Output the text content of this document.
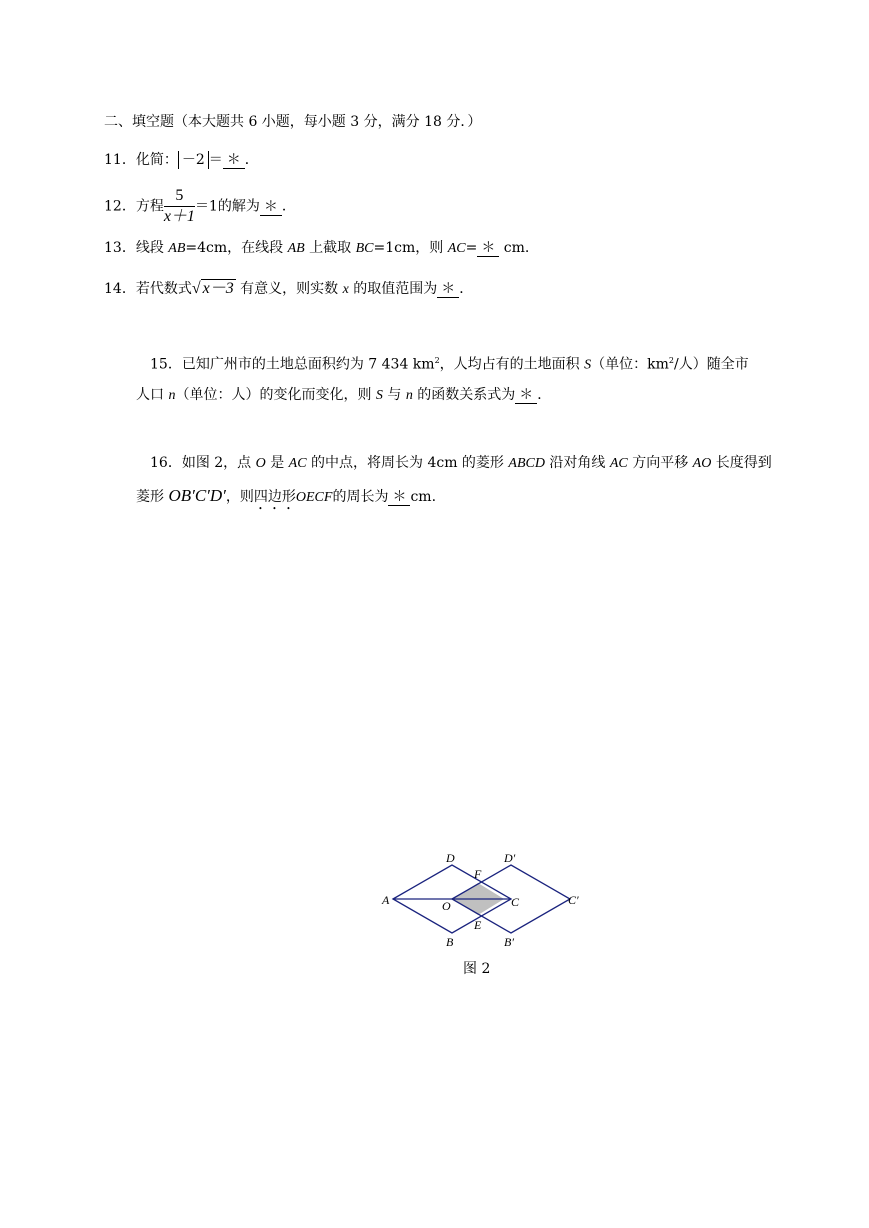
二、填空题（本大题共 6 小题，每小题 3 分，满分 18 分．）
11．化简： －2 ＝ ＊ ．
12．方程 $\frac{5}{x+1} =1$的解为 ＊ ．
13．线段 AB=4cm，在线段 AB 上截取 BC=1cm，则 AC= ＊ cm.
14．若代数式√ x－3 有意义，则实数 x 的取值范围为 ＊ ．
15．已知广州市的土地总面积约为 7 434 $km^2$，人均占有的土地面积 S（单位：$km^2/$人）随全市
人口 n（单位：人）的变化而变化，则 S 与 n 的函数关系式为 ＊ ．
16．如图 2，点 O 是 AC 的中点，将周长为 4cm 的菱形 ABCD 沿对角线 AC 方向平移 AO 长度得到
菱形 OB′C′D′，则四边形OECF的周长为 ＊ cm.
A
D
B
O
F
E
C
D′
B′
C′
图 2
